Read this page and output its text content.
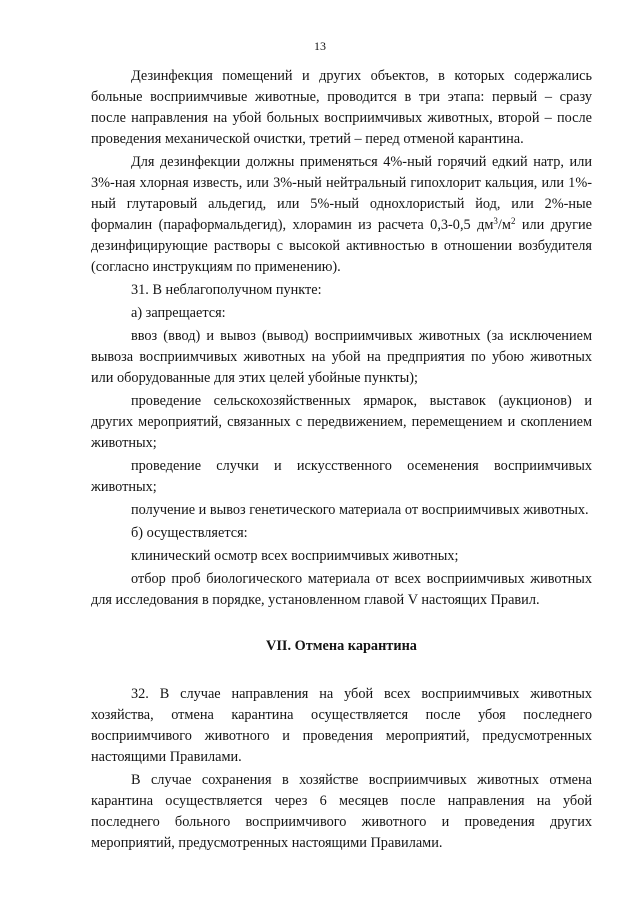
13

Дезинфекция помещений и других объектов, в которых содержались больные восприимчивые животные, проводится в три этапа: первый – сразу после направления на убой больных восприимчивых животных, второй – после проведения механической очистки, третий – перед отменой карантина.

Для дезинфекции должны применяться 4%-ный горячий едкий натр, или 3%-ная хлорная известь, или 3%-ный нейтральный гипохлорит кальция, или 1%-ный глутаровый альдегид, или 5%-ный однохлористый йод, или 2%-ные формалин (параформальдегид), хлорамин из расчета 0,3-0,5 $дм^3/м^2$ или другие дезинфицирующие растворы с высокой активностью в отношении возбудителя (согласно инструкциям по применению).

31. В неблагополучном пункте:

а) запрещается:

ввоз (ввод) и вывоз (вывод) восприимчивых животных (за исключением вывоза восприимчивых животных на убой на предприятия по убою животных или оборудованные для этих целей убойные пункты);

проведение сельскохозяйственных ярмарок, выставок (аукционов) и других мероприятий, связанных с передвижением, перемещением и скоплением животных;

проведение случки и искусственного осеменения восприимчивых животных;

получение и вывоз генетического материала от восприимчивых животных.

б) осуществляется:

клинический осмотр всех восприимчивых животных;

отбор проб биологического материала от всех восприимчивых животных для исследования в порядке, установленном главой V настоящих Правил.

VII. Отмена карантина

32. В случае направления на убой всех восприимчивых животных хозяйства, отмена карантина осуществляется после убоя последнего восприимчивого животного и проведения мероприятий, предусмотренных настоящими Правилами.

В случае сохранения в хозяйстве восприимчивых животных отмена карантина осуществляется через 6 месяцев после направления на убой последнего больного восприимчивого животного и проведения других мероприятий, предусмотренных настоящими Правилами.
